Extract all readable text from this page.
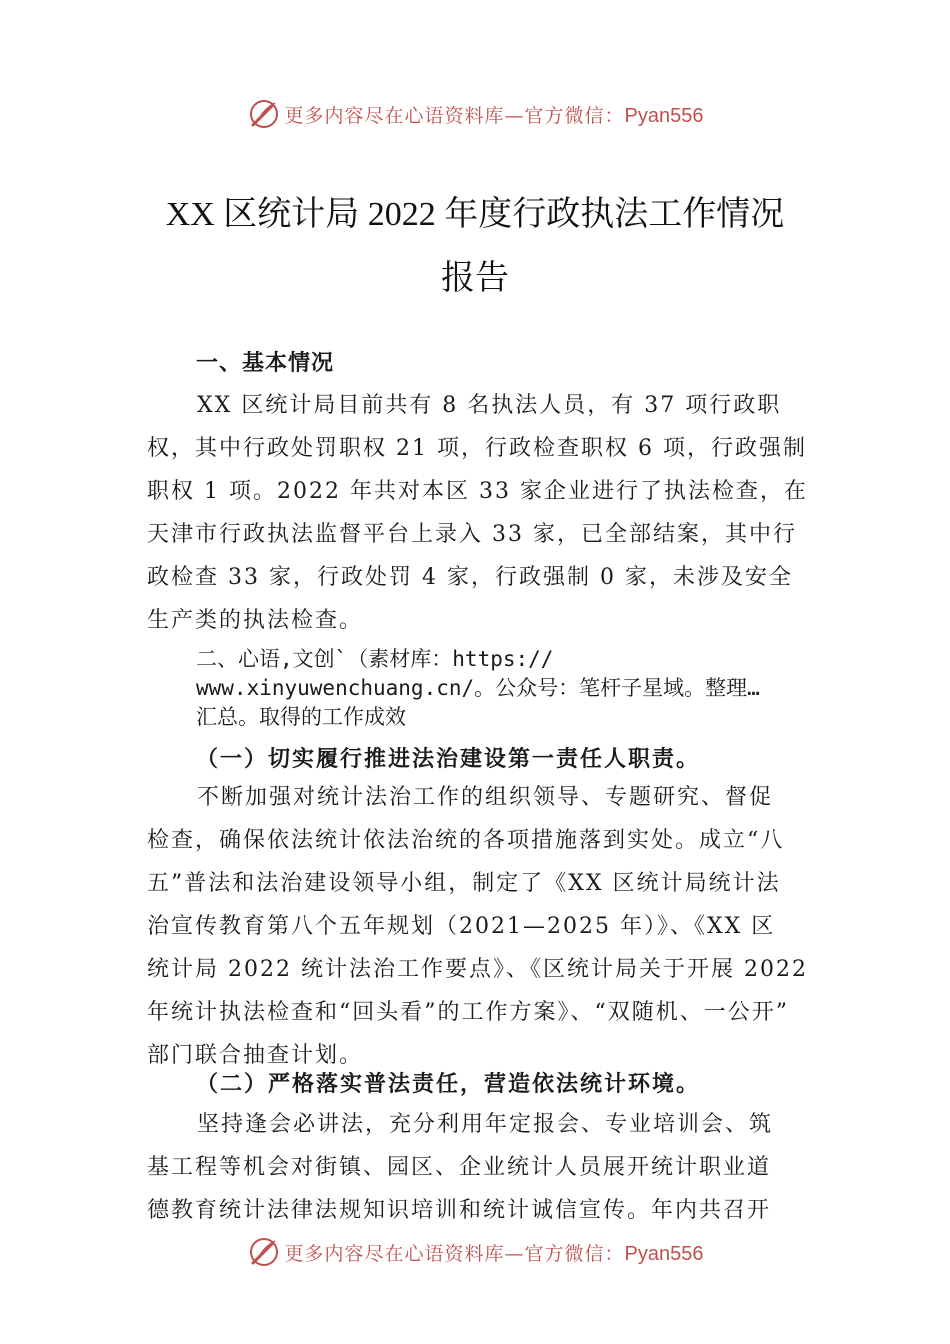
更多内容尽在心语资料库—官方微信：Pyan556
XX 区统计局 2022 年度行政执法工作情况
报告
一、基本情况
XX 区统计局目前共有 8 名执法人员，有 37 项行政职
权，其中行政处罚职权 21 项，行政检查职权 6 项，行政强制
职权 1 项。2022 年共对本区 33 家企业进行了执法检查，在
天津市行政执法监督平台上录入 33 家，已全部结案，其中行
政检查 33 家，行政处罚 4 家，行政强制 0 家，未涉及安全
生产类的执法检查。
二、心语,文创`（素材库：https://
www.xinyuwenchuang.cn/。公众号：笔杆子星域。整理…
汇总。取得的工作成效
（一）切实履行推进法治建设第一责任人职责。
不断加强对统计法治工作的组织领导、专题研究、督促
检查，确保依法统计依法治统的各项措施落到实处。成立“八
五”普法和法治建设领导小组，制定了《XX 区统计局统计法
治宣传教育第八个五年规划（2021—2025 年）》、《XX 区
统计局 2022 统计法治工作要点》、《区统计局关于开展 2022
年统计执法检查和“回头看”的工作方案》、“双随机、一公开”
部门联合抽查计划。
（二）严格落实普法责任，营造依法统计环境。
坚持逢会必讲法，充分利用年定报会、专业培训会、筑
基工程等机会对街镇、园区、企业统计人员展开统计职业道
德教育统计法律法规知识培训和统计诚信宣传。年内共召开
更多内容尽在心语资料库—官方微信：Pyan556
